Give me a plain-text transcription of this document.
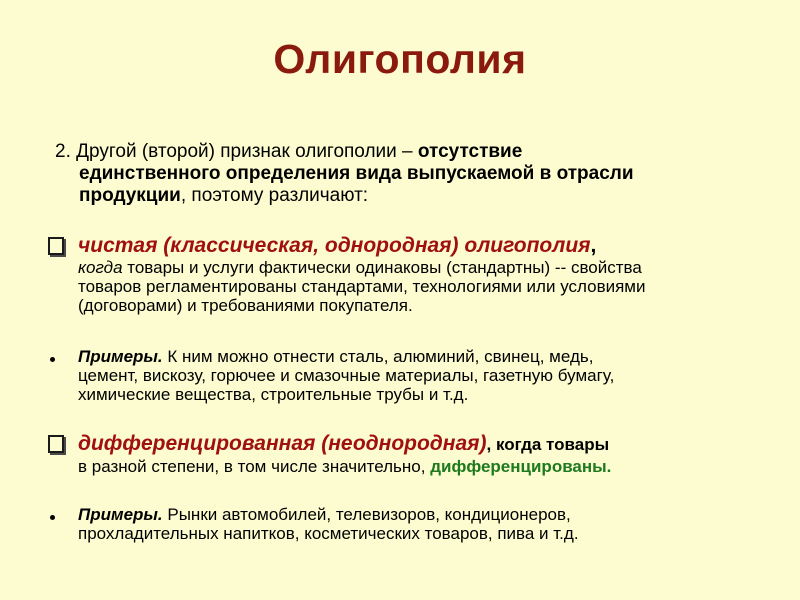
Олигополия
2. Другой (второй) признак олигополии – отсутствие
единственного определения вида выпускаемой в отрасли
продукции, поэтому различают:
чистая (классическая, однородная) олигополия,
когда товары и услуги фактически одинаковы (стандартны) -- свойства
товаров регламентированы стандартами, технологиями или условиями
(договорами) и требованиями покупателя.
Примеры. К ним можно отнести сталь, алюминий, свинец, медь,
цемент, вискозу, горючее и смазочные материалы, газетную бумагу,
химические вещества, строительные трубы и т.д.
дифференцированная (неоднородная), когда товары
в разной степени, в том числе значительно, дифференцированы.
Примеры. Рынки автомобилей, телевизоров, кондиционеров,
прохладительных напитков, косметических товаров, пива и т.д.
